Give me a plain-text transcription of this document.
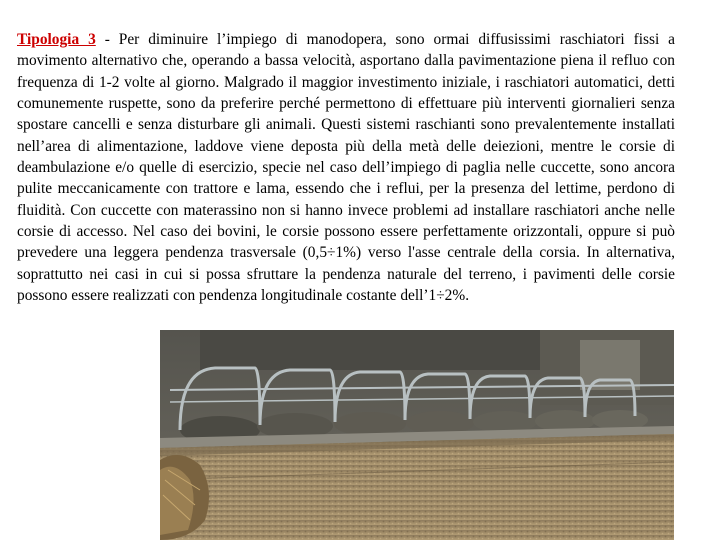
Tipologia 3 - Per diminuire l’impiego di manodopera, sono ormai diffusissimi raschiatori fissi a movimento alternativo che, operando a bassa velocità, asportano dalla pavimentazione piena il refluo con frequenza di 1-2 volte al giorno. Malgrado il maggior investimento iniziale, i raschiatori automatici, detti comunemente ruspette, sono da preferire perché permettono di effettuare più interventi giornalieri senza spostare cancelli e senza disturbare gli animali. Questi sistemi raschianti sono prevalentemente installati nell’area di alimentazione, laddove viene deposta più della metà delle deiezioni, mentre le corsie di deambulazione e/o quelle di esercizio, specie nel caso dell’impiego di paglia nelle cuccette, sono ancora pulite meccanicamente con trattore e lama, essendo che i reflui, per la presenza del lettime, perdono di fluidità. Con cuccette con materassino non si hanno invece problemi ad installare raschiatori anche nelle corsie di accesso. Nel caso dei bovini, le corsie possono essere perfettamente orizzontali, oppure si può prevedere una leggera pendenza trasversale (0,5÷1%) verso l'asse centrale della corsia. In alternativa, soprattutto nei casi in cui si possa sfruttare la pendenza naturale del terreno, i pavimenti delle corsie possono essere realizzati con pendenza longitudinale costante dell’1÷2%.
